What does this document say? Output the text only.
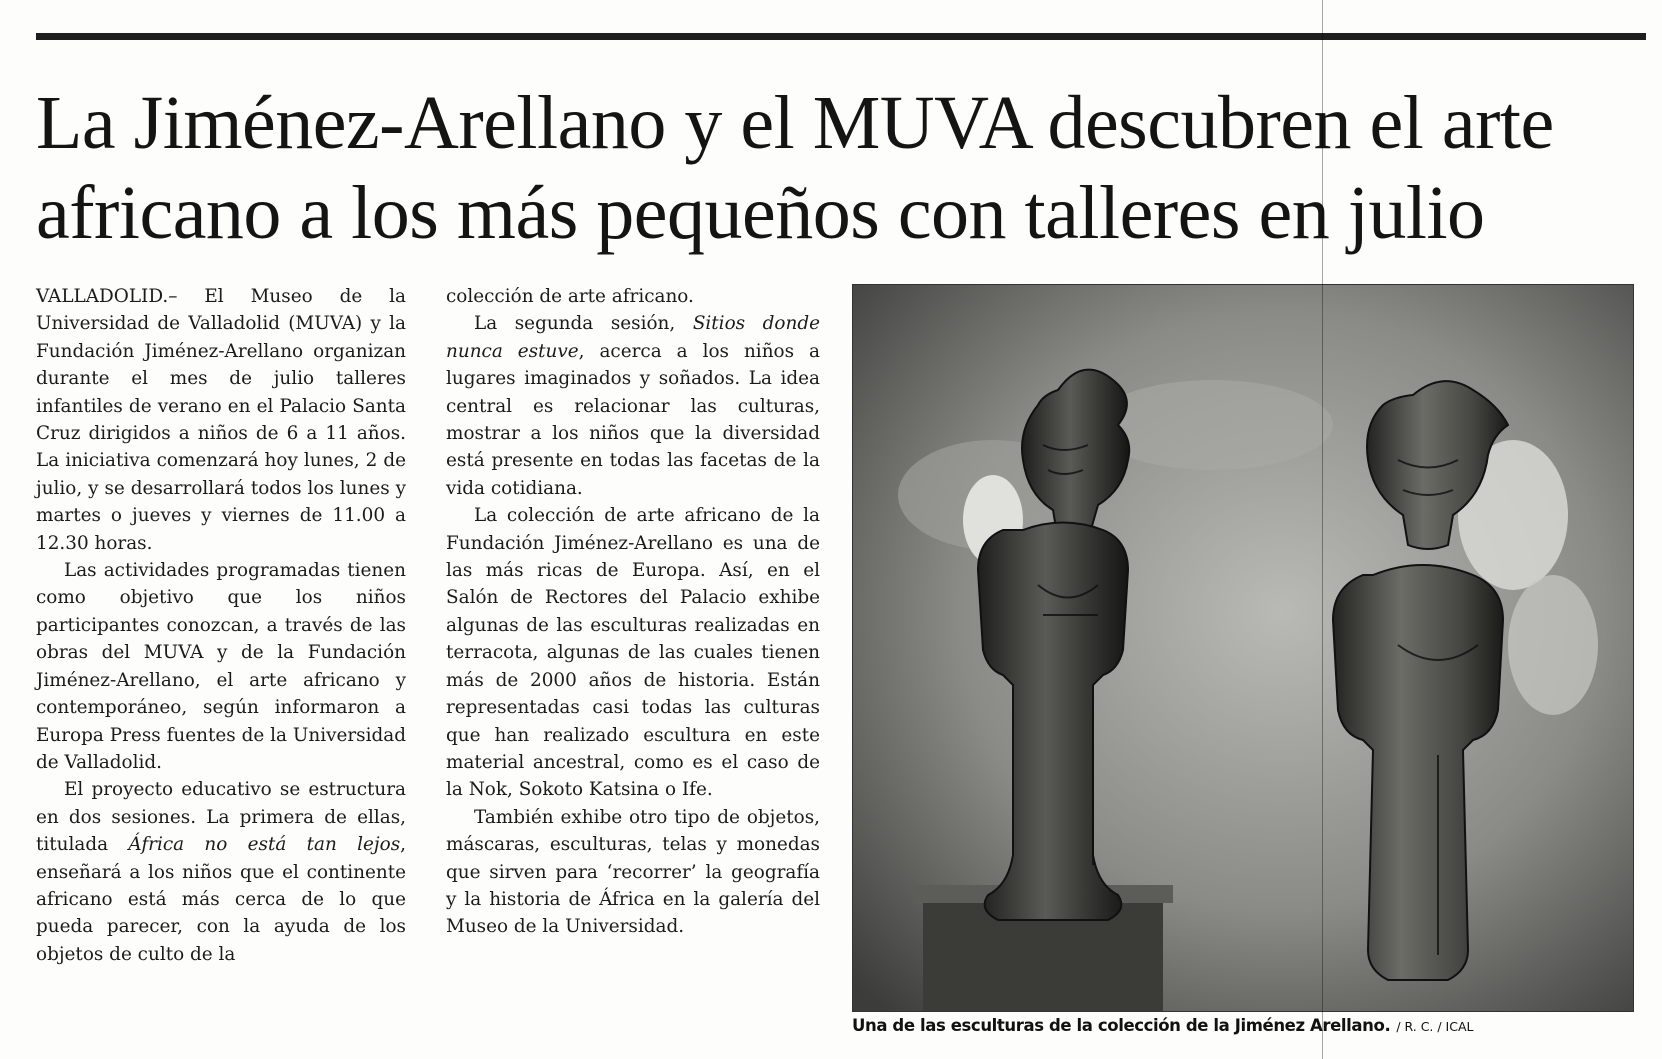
La Jiménez-Arellano y el MUVA descubren el arte
africano a los más pequeños con talleres en julio

VALLADOLID.– El Museo de la Universidad de Valladolid (MUVA) y la Fundación Jiménez-Arellano organizan durante el mes de julio talleres infantiles de verano en el Palacio Santa Cruz dirigidos a niños de 6 a 11 años. La iniciativa comenzará hoy lunes, 2 de julio, y se desarrollará todos los lunes y martes o jueves y viernes de 11.00 a 12.30 horas.

Las actividades programadas tienen como objetivo que los niños participantes conozcan, a través de las obras del MUVA y de la Fundación Jiménez-Arellano, el arte africano y contemporáneo, según informaron a Europa Press fuentes de la Universidad de Valladolid.

El proyecto educativo se estructura en dos sesiones. La primera de ellas, titulada África no está tan lejos, enseñará a los niños que el continente africano está más cerca de lo que pueda parecer, con la ayuda de los objetos de culto de la

colección de arte africano.

La segunda sesión, Sitios donde nunca estuve, acerca a los niños a lugares imaginados y soñados. La idea central es relacionar las culturas, mostrar a los niños que la diversidad está presente en todas las facetas de la vida cotidiana.

La colección de arte africano de la Fundación Jiménez-Arellano es una de las más ricas de Europa. Así, en el Salón de Rectores del Palacio exhibe algunas de las esculturas realizadas en terracota, algunas de las cuales tienen más de 2000 años de historia. Están representadas casi todas las culturas que han realizado escultura en este material ancestral, como es el caso de la Nok, Sokoto Katsina o Ife.

También exhibe otro tipo de objetos, máscaras, esculturas, telas y monedas que sirven para ‘recorrer’ la geografía y la historia de África en la galería del Museo de la Universidad.

Una de las esculturas de la colección de la Jiménez Arellano. / R. C. / ICAL
